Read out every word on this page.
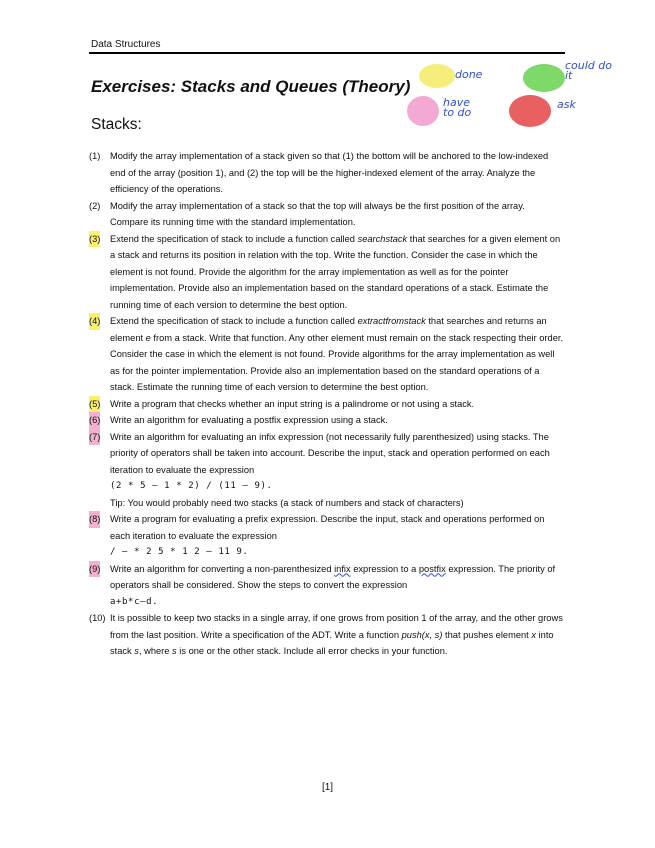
Data Structures
Exercises: Stacks and Queues (Theory)
Stacks:
done
have to do
could do it
ask
(1) Modify the array implementation of a stack given so that (1) the bottom will be anchored to the low-indexed end of the array (position 1), and (2) the top will be the higher-indexed element of the array. Analyze the efficiency of the operations.
(2) Modify the array implementation of a stack so that the top will always be the first position of the array. Compare its running time with the standard implementation.
(3) Extend the specification of stack to include a function called searchstack that searches for a given element on a stack and returns its position in relation with the top. Write the function. Consider the case in which the element is not found. Provide the algorithm for the array implementation as well as for the pointer implementation. Provide also an implementation based on the standard operations of a stack. Estimate the running time of each version to determine the best option.
(4) Extend the specification of stack to include a function called extractfromstack that searches and returns an element e from a stack. Write that function. Any other element must remain on the stack respecting their order. Consider the case in which the element is not found. Provide algorithms for the array implementation as well as for the pointer implementation. Provide also an implementation based on the standard operations of a stack. Estimate the running time of each version to determine the best option.
(5) Write a program that checks whether an input string is a palindrome or not using a stack.
(6) Write an algorithm for evaluating a postfix expression using a stack.
(7) Write an algorithm for evaluating an infix expression (not necessarily fully parenthesized) using stacks. The priority of operators shall be taken into account. Describe the input, stack and operation performed on each iteration to evaluate the expression
(2 * 5 – 1 * 2) / (11 – 9).
Tip: You would probably need two stacks (a stack of numbers and stack of characters)
(8) Write a program for evaluating a prefix expression. Describe the input, stack and operations performed on each iteration to evaluate the expression
/ – * 2 5 * 1 2 – 11 9.
(9) Write an algorithm for converting a non-parenthesized infix expression to a postfix expression. The priority of operators shall be considered. Show the steps to convert the expression
a+b*c–d.
(10) It is possible to keep two stacks in a single array, if one grows from position 1 of the array, and the other grows from the last position. Write a specification of the ADT. Write a function push(x, s) that pushes element x into stack s, where s is one or the other stack. Include all error checks in your function.
[1]
